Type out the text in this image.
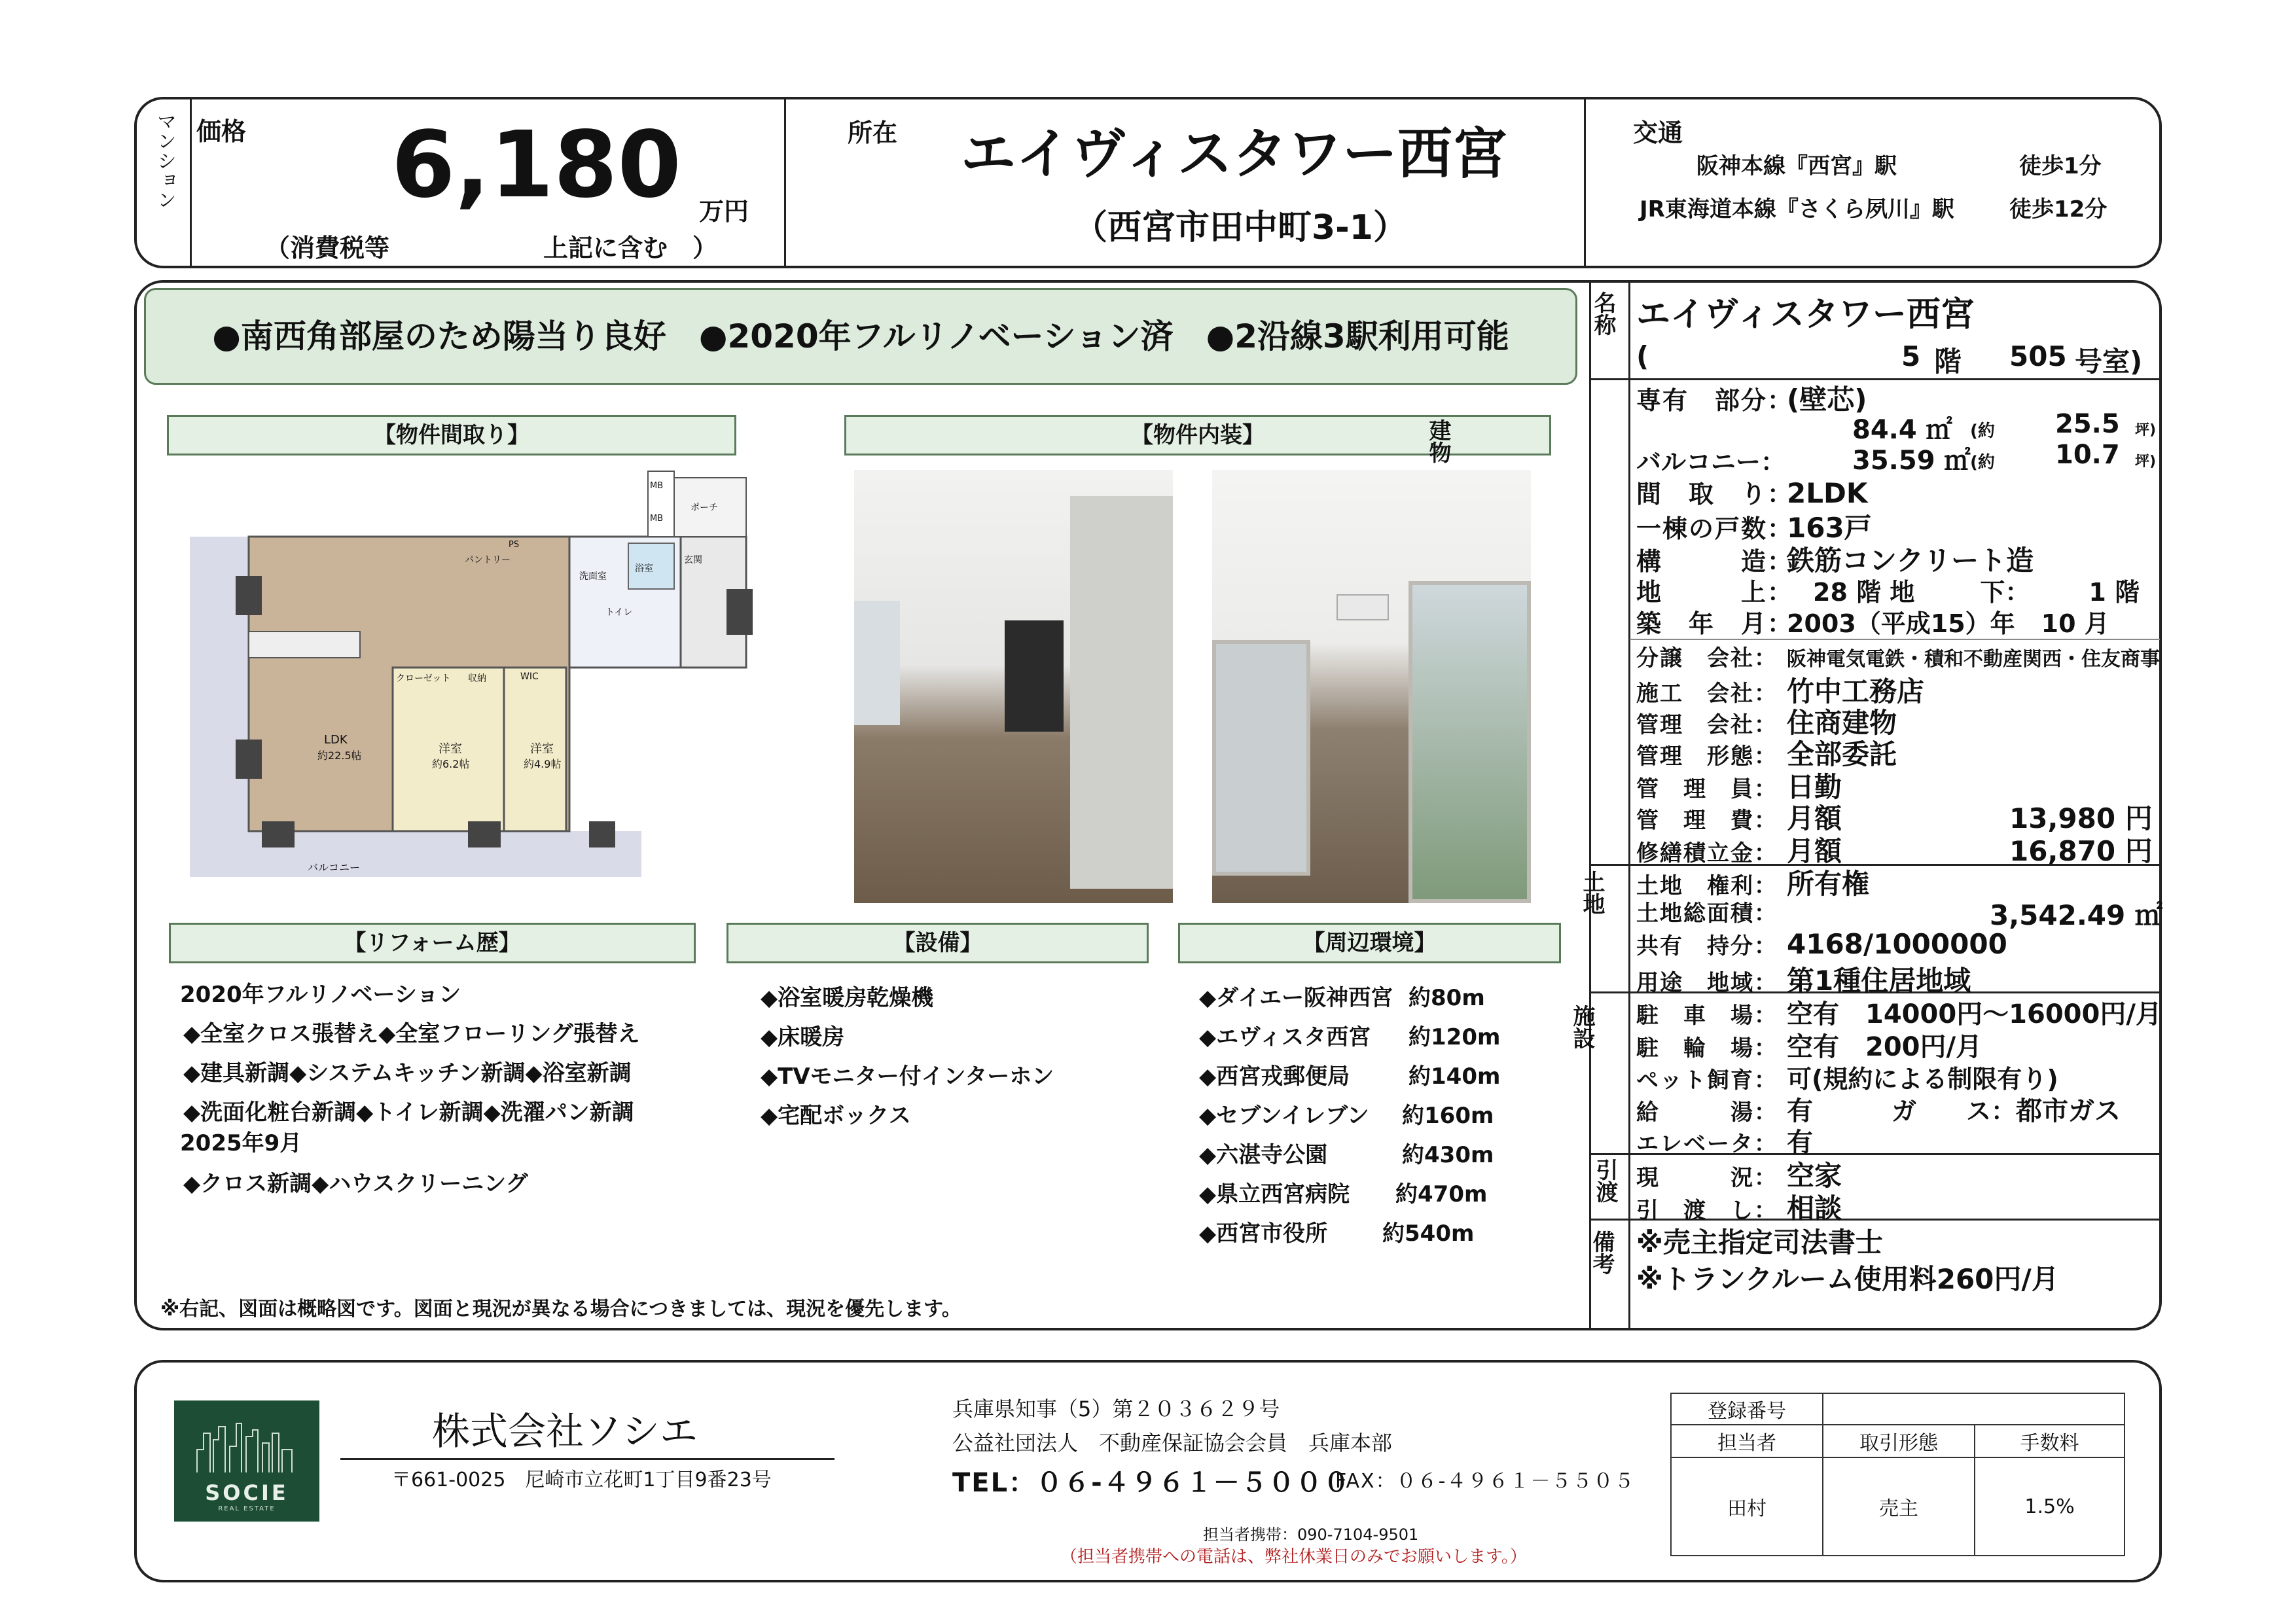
マンション 価格 6,180 万円
（消費税等	上記に含む　）
所在 エイヴィスタワー西宮
（西宮市田中町3-1）
交通
阪神本線『西宮』駅	徒歩1分
JR東海道本線『さくら夙川』駅 徒歩12分
●南西角部屋のため陽当り良好　●2020年フルリノベーション済　●2沿線3駅利用可能
【物件間取り】	【物件内装】
LDK
約22.5帖	洋室
約6.2帖
洋室
約4.9帖
バルコニー
クローゼット 収納	WIC
浴室
洗面室
トイレ
玄関
ポーチ
パントリー
MB
MB
PS
【リフォーム歴】	【設備】	【周辺環境】
2020年フルリノベーション
◆全室クロス張替え◆全室フローリング張替え
◆建具新調◆システムキッチン新調◆浴室新調
◆洗面化粧台新調◆トイレ新調◆洗濯パン新調
2025年9月
◆クロス新調◆ハウスクリーニング
◆浴室暖房乾燥機
◆床暖房
◆TVモニター付インターホン
◆宅配ボックス
◆ダイエー阪神西宮 約80m
◆エヴィスタ西宮 約120m
◆西宮戎郵便局	約140m
◆セブンイレブン 約160m
◆六湛寺公園	約430m
◆県立西宮病院 約470m
◆西宮市役所 約540m
※右記、図面は概略図です。図面と現況が異なる場合につきましては、現況を優先します。
名称
引渡
備考
エイヴィスタワー西宮
(	5 階 505 号室)
専有　部分：(壁芯)
84.4 ㎡ (約 25.5 坪)
バルコニー：	35.59 ㎡ (約 10.7 坪)
間　取　り：2LDK
一棟の戸数：163戸
構　　　造：鉄筋コンクリート造
地　　　上： 28 階 地	下： 1 階
築　年　月：2003（平成15）年 10 月
分譲　会社： 阪神電気電鉄・積和不動産関西・住友商事
施工　会社： 竹中工務店
管理　会社： 住商建物
管理　形態： 全部委託
管　理　員： 日勤
管　理　費： 月額	13,980 円
修繕積立金： 月額	16,870 円
土地　権利： 所有権
土地総面積：	3,542.49 ㎡
共有　持分： 4168/1000000
用途　地域： 第1種住居地域
駐　車　場： 空有　14000円～16000円/月
駐　輪　場： 空有　200円/月
ペット飼育： 可(規約による制限有り)
給　　　湯： 有	ガ　　ス：都市ガス
エレベータ： 有
現　　　況： 空家
引　渡　し： 相談
※売主指定司法書士
※トランクルーム使用料260円/月
SOCIE
REAL ESTATE
株式会社ソシエ
〒661-0025　尼崎市立花町1丁目9番23号
兵庫県知事（5）第２０３６２９号
公益社団法人　不動産保証協会会員　兵庫本部
TEL：０６-４９６１－５０００
FAX：０６-４９６１－５５０５
担当者携帯：090-7104-9501
（担当者携帯への電話は、弊社休業日のみでお願いします。）
登録番号		
担当者	取引形態	手数料
田村	売主	1.5%
